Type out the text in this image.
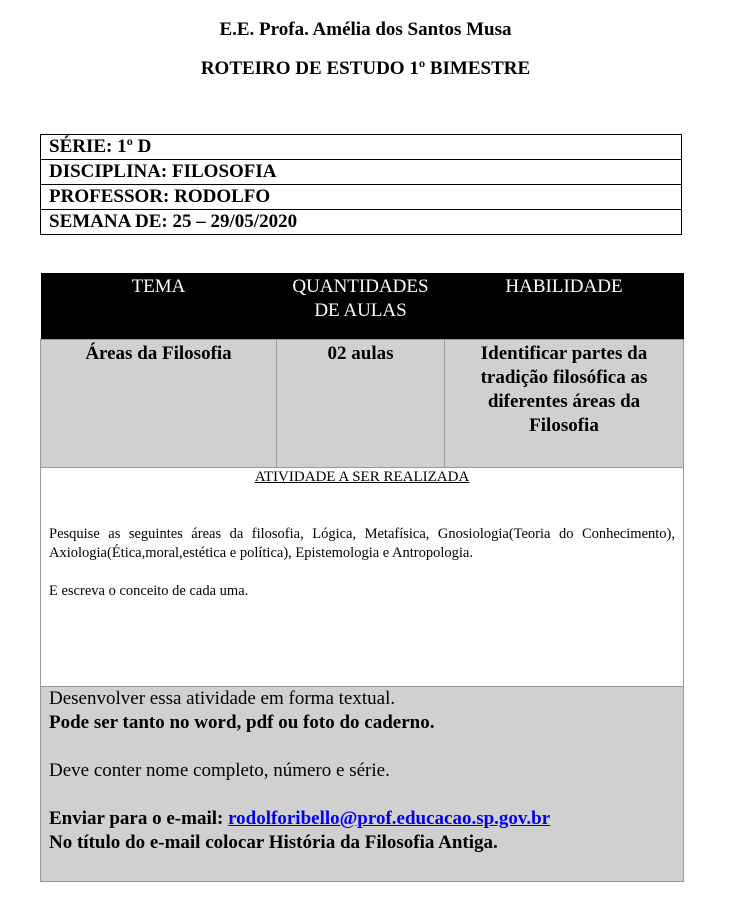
E.E. Profa. Amélia dos Santos Musa
ROTEIRO DE ESTUDO 1º BIMESTRE
SÉRIE: 1º D
DISCIPLINA: FILOSOFIA
PROFESSOR: RODOLFO
SEMANA DE: 25 – 29/05/2020
TEMA	QUANTIDADES DE AULAS	HABILIDADE
Áreas da Filosofia	02 aulas	Identificar partes da tradição filosófica as diferentes áreas da Filosofia

ATIVIDADE A SER REALIZADA
Pesquise as seguintes áreas da filosofia, Lógica, Metafísica, Gnosiologia(Teoria do Conhecimento), Axiologia(Ética,moral,estética e política), Epistemologia e Antropologia.
E escreva o conceito de cada uma.		

Desenvolver essa atividade em forma textual.
Pode ser tanto no word, pdf ou foto do caderno.
Deve conter nome completo, número e série.
Enviar para o e-mail: rodolforibello@prof.educacao.sp.gov.br
No título do e-mail colocar História da Filosofia Antiga.		
